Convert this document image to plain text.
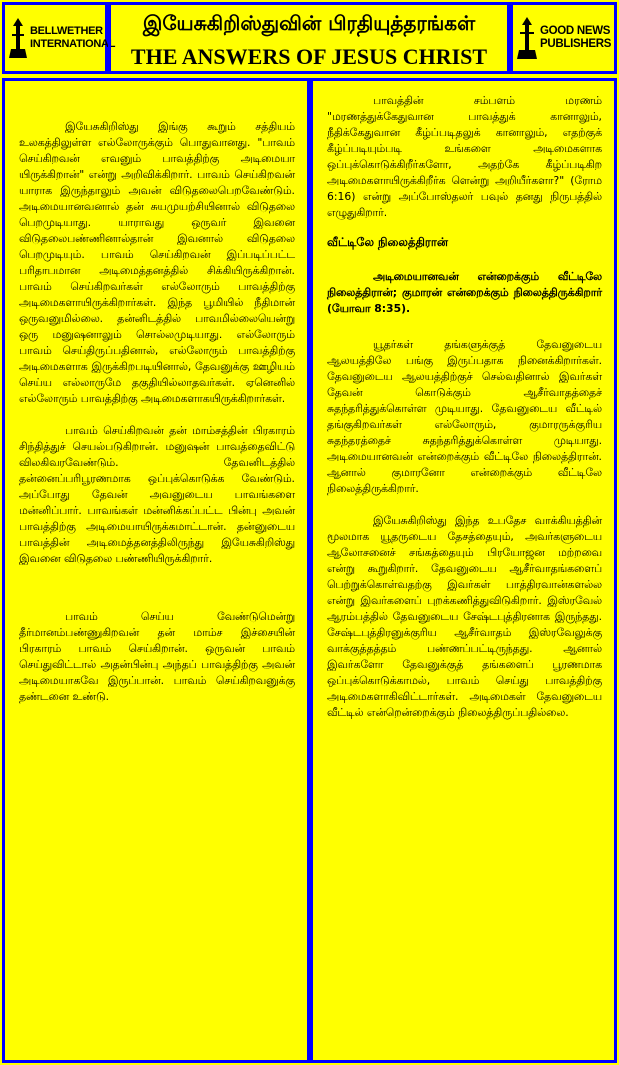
BELLWETHER
INTERNATIONAL
இயேசுகிறிஸ்துவின் பிரதியுத்தரங்கள்
THE ANSWERS OF JESUS CHRIST
GOOD NEWS
PUBLISHERS

இயேசுகிறிஸ்து இங்கு கூறும் சத்தியம் உலகத்திலுள்ள எல்லோருக்கும் பொதுவானது. "பாவம் செய்கிறவன் எவனும் பாவத்திற்கு அடிமையா யிருக்கிறான்" என்று அறிவிக்கிறார். பாவம் செய்கிறவன் யாராக இருந்தாலும் அவன் விடுதலைபெறவேண்டும். அடிமையானவனால் தன் சுயமுயற்சியினால் விடுதலை பெறமுடியாது. யாராவது ஒருவர் இவனை விடுதலைபண்ணினால்தான் இவனால் விடுதலை பெறமுடியும். பாவம் செய்கிறவன் இப்படிப்பட்ட பரிதாபமான அடிமைத்தனத்தில் சிக்கியிருக்கிறான். பாவம் செய்கிறவர்கள் எல்லோரும் பாவத்திற்கு அடிமைகளாயிருக்கிறார்கள். இந்த பூமியில் நீதிமான் ஒருவனுமில்லை. தன்னிடத்தில் பாவமில்லையென்று ஒரு மனுஷனாலும் சொல்லமுடியாது. எல்லோரும் பாவம் செய்திருப்பதினால், எல்லோரும் பாவத்திற்கு அடிமைகளாக இருக்கிறபடியினால், தேவனுக்கு ஊழியம் செய்ய எல்லாருமே தகுதியில்லாதவர்கள். ஏனெனில் எல்லோரும் பாவத்திற்கு அடிமைகளாகயிருக்கிறார்கள்.

பாவம் செய்கிறவன் தன் மாம்சத்தின் பிரகாரம் சிந்தித்துச் செயல்படுகிறான். மனுஷன் பாவத்தைவிட்டு விலகிவரவேண்டும். தேவனிடத்தில் தன்னைப்பரிபூரணமாக ஒப்புக்கொடுக்க வேண்டும். அப்போது தேவன் அவனுடைய பாவங்களை மன்னிப்பார். பாவங்கள் மன்னிக்கப்பட்ட பின்பு அவன் பாவத்திற்கு அடிமையாயிருக்கமாட்டான். தன்னுடைய பாவத்தின் அடிமைத்தனத்திலிருந்து இயேசுகிறிஸ்து இவனை விடுதலை பண்ணியிருக்கிறார்.

பாவம் செய்ய வேண்டுமென்று தீர்மானம்பண்ணுகிறவன் தன் மாம்ச இச்சையின் பிரகாரம் பாவம் செய்கிறான். ஒருவன் பாவம் செய்துவிட்டால் அதன்பின்பு அந்தப் பாவத்திற்கு அவன் அடிமையாகவே இருப்பான். பாவம் செய்கிறவனுக்கு தண்டனை உண்டு.

பாவத்தின் சம்பளம் மரணம் "மரணத்துக்கேதுவான பாவத்துக் கானாலும், நீதிக்கேதுவான கீழ்ப்படிதலுக் கானாலும், எதற்குக் கீழ்ப்படியும்படி உங்களை அடிமைகளாக ஒப்புக்கொடுக்கிறீர்களோ, அதற்கே கீழ்ப்படிகிற அடிமைகளாயிருக்கிறீர்க ளென்று அறியீர்களா?" (ரோம 6:16) என்று அப்போஸ்தலர் பவுல் தனது நிருபத்தில் எழுதுகிறார்.

வீட்டிலே நிலைத்திரான்

அடிமையானவன் என்றைக்கும் வீட்டிலே நிலைத்திரான்; குமாரன் என்றைக்கும் நிலைத்திருக்கிறார் (யோவா 8:35).

யூதர்கள் தங்களுக்குத் தேவனுடைய ஆலயத்திலே பங்கு இருப்பதாக நினைக்கிறார்கள். தேவனுடைய ஆலயத்திற்குச் செல்வதினால் இவர்கள் தேவன் கொடுக்கும் ஆசீர்வாதத்தைச் சுதந்தரித்துக்கொள்ள முடியாது. தேவனுடைய வீட்டில் தங்குகிறவர்கள் எல்லோரும், குமாரருக்குரிய சுதந்தரத்தைச் சுதந்தரித்துக்கொள்ள முடியாது. அடிமையானவன் என்றைக்கும் வீட்டிலே நிலைத்திரான். ஆனால் குமாரனோ என்றைக்கும் வீட்டிலே நிலைத்திருக்கிறார்.

இயேசுகிறிஸ்து இந்த உபதேச வாக்கியத்தின் மூலமாக யூதருடைய தேசத்தையும், அவர்களுடைய ஆலோசனைச் சங்கத்தையும் பிரயோஜன மற்றவை என்று கூறுகிறார். தேவனுடைய ஆசீர்வாதங்களைப் பெற்றுக்கொள்வதற்கு இவர்கள் பாத்திரவான்களல்ல என்று இவர்களைப் புறக்கணித்துவிடுகிறார். இஸ்ரவேல் ஆரம்பத்தில் தேவனுடைய சேஷ்டபுத்திரனாக இருந்தது. சேஷ்டபுத்திரனுக்குரிய ஆசீர்வாதம் இஸ்ரவேலுக்கு வாக்குத்தத்தம் பண்ணப்பட்டிருந்தது. ஆனால் இவர்களோ தேவனுக்குத் தங்களைப் பூரணமாக ஒப்புக்கொடுக்காமல், பாவம் செய்து பாவத்திற்கு அடிமைகளாகிவிட்டார்கள். அடிமைகள் தேவனுடைய வீட்டில் என்றென்றைக்கும் நிலைத்திருப்பதில்லை.
